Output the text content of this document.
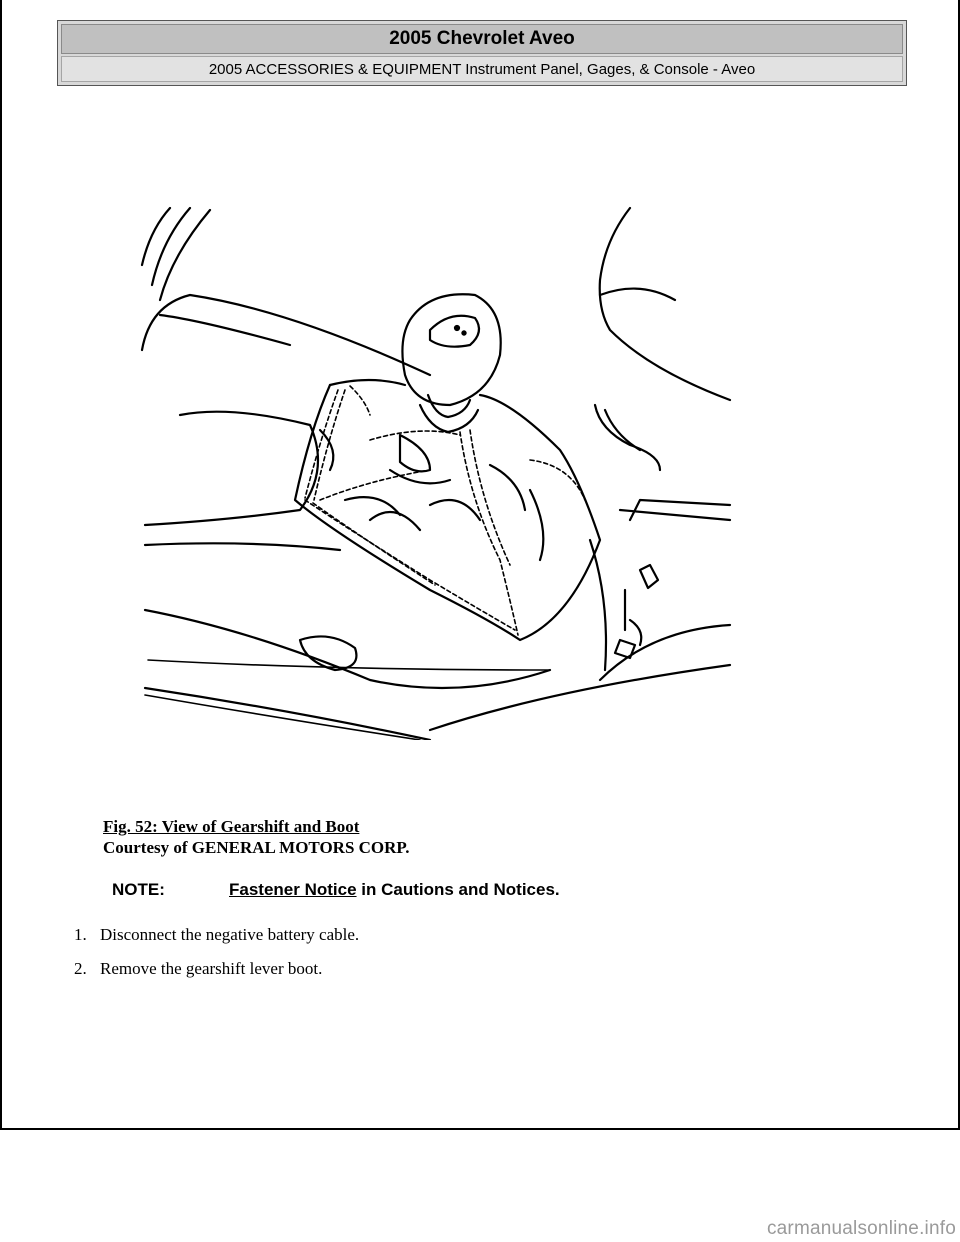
2005 Chevrolet Aveo
2005 ACCESSORIES & EQUIPMENT Instrument Panel, Gages, & Console - Aveo
Fig. 52: View of Gearshift and Boot
Courtesy of GENERAL MOTORS CORP.
NOTE:	Fastener Notice in Cautions and Notices.
1. Disconnect the negative battery cable.
2. Remove the gearshift lever boot.
carmanualsonline.info
